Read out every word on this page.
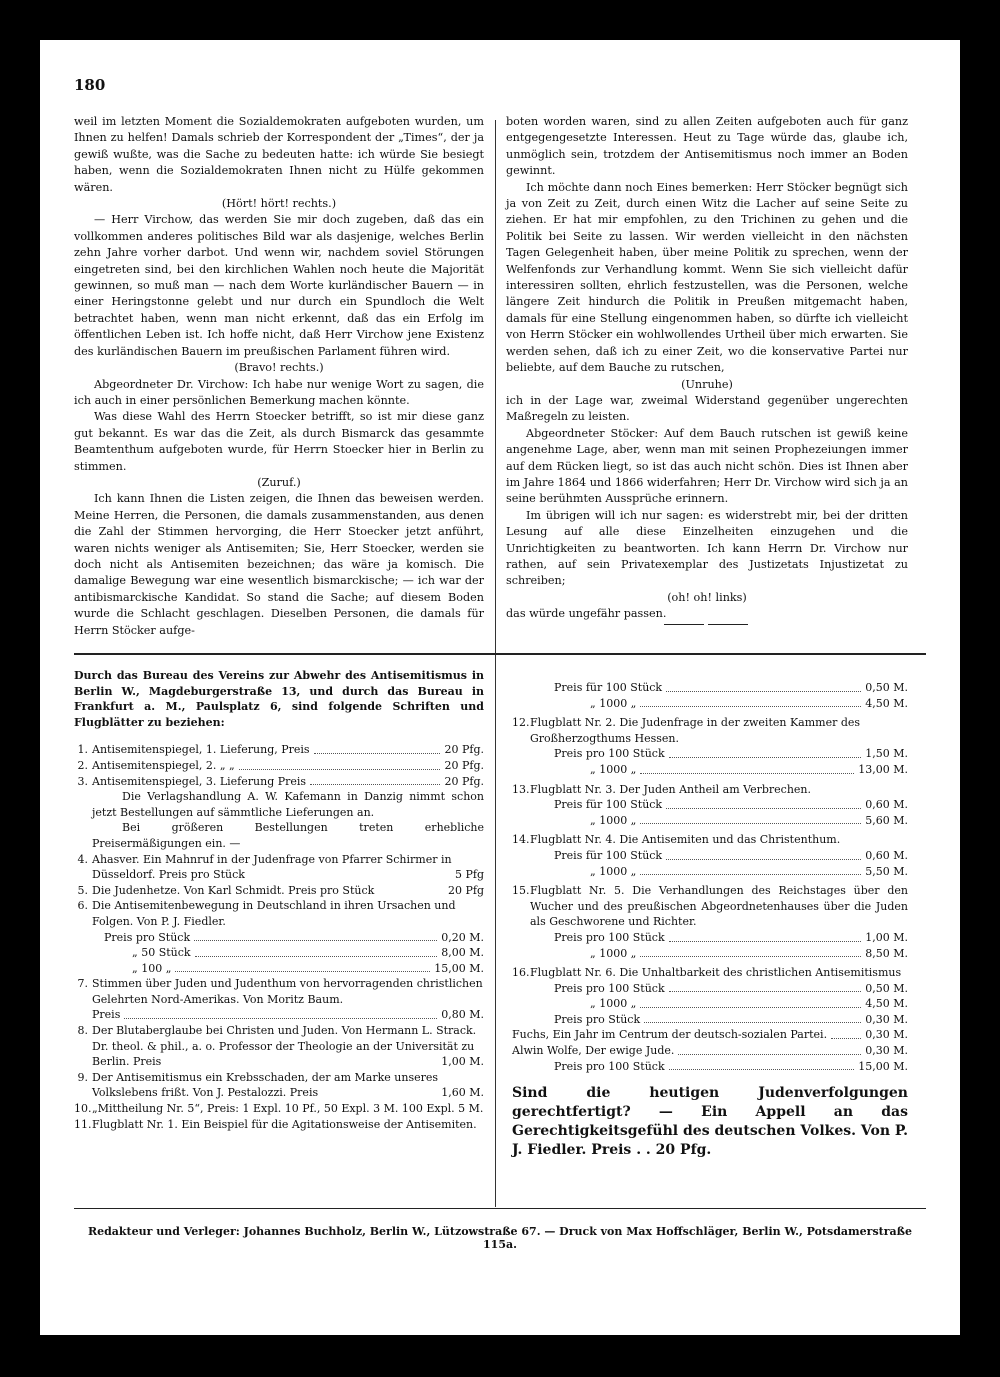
180

weil im letzten Moment die Sozialdemokraten aufgeboten wurden, um Ihnen zu helfen! Damals schrieb der Korrespondent der „Times“, der ja gewiß wußte, was die Sache zu bedeuten hatte: ich würde Sie besiegt haben, wenn die Sozialdemokraten Ihnen nicht zu Hülfe gekommen wären.

(Hört! hört! rechts.)

— Herr Virchow, das werden Sie mir doch zugeben, daß das ein vollkommen anderes politisches Bild war als dasjenige, welches Berlin zehn Jahre vorher darbot. Und wenn wir, nachdem soviel Störungen eingetreten sind, bei den kirchlichen Wahlen noch heute die Majorität gewinnen, so muß man — nach dem Worte kurländischer Bauern — in einer Heringstonne gelebt und nur durch ein Spundloch die Welt betrachtet haben, wenn man nicht erkennt, daß das ein Erfolg im öffentlichen Leben ist. Ich hoffe nicht, daß Herr Virchow jene Existenz des kurländischen Bauern im preußischen Parlament führen wird.

(Bravo! rechts.)

Abgeordneter Dr. Virchow: Ich habe nur wenige Wort zu sagen, die ich auch in einer persönlichen Bemerkung machen könnte.

Was diese Wahl des Herrn Stoecker betrifft, so ist mir diese ganz gut bekannt. Es war das die Zeit, als durch Bismarck das gesammte Beamtenthum aufgeboten wurde, für Herrn Stoecker hier in Berlin zu stimmen.

(Zuruf.)

Ich kann Ihnen die Listen zeigen, die Ihnen das beweisen werden. Meine Herren, die Personen, die damals zusammenstanden, aus denen die Zahl der Stimmen hervorging, die Herr Stoecker jetzt anführt, waren nichts weniger als Antisemiten; Sie, Herr Stoecker, werden sie doch nicht als Antisemiten bezeichnen; das wäre ja komisch. Die damalige Bewegung war eine wesentlich bismarckische; — ich war der antibismarckische Kandidat. So stand die Sache; auf diesem Boden wurde die Schlacht geschlagen. Dieselben Personen, die damals für Herrn Stöcker aufge-

boten worden waren, sind zu allen Zeiten aufgeboten auch für ganz entgegengesetzte Interessen. Heut zu Tage würde das, glaube ich, unmöglich sein, trotzdem der Antisemitismus noch immer an Boden gewinnt.

Ich möchte dann noch Eines bemerken: Herr Stöcker begnügt sich ja von Zeit zu Zeit, durch einen Witz die Lacher auf seine Seite zu ziehen. Er hat mir empfohlen, zu den Trichinen zu gehen und die Politik bei Seite zu lassen. Wir werden vielleicht in den nächsten Tagen Gelegenheit haben, über meine Politik zu sprechen, wenn der Welfenfonds zur Verhandlung kommt. Wenn Sie sich vielleicht dafür interessiren sollten, ehrlich festzustellen, was die Personen, welche längere Zeit hindurch die Politik in Preußen mitgemacht haben, damals für eine Stellung eingenommen haben, so dürfte ich vielleicht von Herrn Stöcker ein wohlwollendes Urtheil über mich erwarten. Sie werden sehen, daß ich zu einer Zeit, wo die konservative Partei nur beliebte, auf dem Bauche zu rutschen,

(Unruhe)

ich in der Lage war, zweimal Widerstand gegenüber ungerechten Maßregeln zu leisten.

Abgeordneter Stöcker: Auf dem Bauch rutschen ist gewiß keine angenehme Lage, aber, wenn man mit seinen Prophezeiungen immer auf dem Rücken liegt, so ist das auch nicht schön. Dies ist Ihnen aber im Jahre 1864 und 1866 widerfahren; Herr Dr. Virchow wird sich ja an seine berühmten Aussprüche erinnern.

Im übrigen will ich nur sagen: es widerstrebt mir, bei der dritten Lesung auf alle diese Einzelheiten einzugehen und die Unrichtigkeiten zu beantworten. Ich kann Herrn Dr. Virchow nur rathen, auf sein Privatexemplar des Justizetats Injustizetat zu schreiben;

(oh! oh! links)

das würde ungefähr passen.

Durch das Bureau des Vereins zur Abwehr des Antisemitismus in Berlin W., Magdeburgerstraße 13, und durch das Bureau in Frankfurt a. M., Paulsplatz 6, sind folgende Schriften und Flugblätter zu beziehen:
1. Antisemitenspiegel, 1. Lieferung, Preis	20 Pfg.
2. Antisemitenspiegel, 2. „ „	20 Pfg.
3. Antisemitenspiegel, 3. Lieferung Preis	20 Pfg.
Die Verlagshandlung A. W. Kafemann in Danzig nimmt schon jetzt Bestellungen auf sämmtliche Lieferungen an.
Bei größeren Bestellungen treten erhebliche Preisermäßigungen ein. —
4. Ahasver. Ein Mahnruf in der Judenfrage von Pfarrer Schirmer in Düsseldorf. Preis pro Stück	5 Pfg
5. Die Judenhetze. Von Karl Schmidt. Preis pro Stück	20 Pfg
6. Die Antisemitenbewegung in Deutschland in ihren Ursachen und Folgen. Von P. J. Fiedler.
Preis pro Stück	0,20 M.
„ 50 Stück	8,00 M.
„ 100 „	15,00 M.
7. Stimmen über Juden und Judenthum von hervorragenden christlichen Gelehrten Nord-Amerikas. Von Moritz Baum.
Preis	0,80 M.
8. Der Blutaberglaube bei Christen und Juden. Von Hermann L. Strack. Dr. theol. & phil., a. o. Professor der Theologie an der Universität zu Berlin. Preis	1,00 M.
9. Der Antisemitismus ein Krebsschaden, der am Marke unseres Volkslebens frißt. Von J. Pestalozzi. Preis	1,60 M.
10. „Mittheilung Nr. 5“, Preis: 1 Expl. 10 Pf., 50 Expl. 3 M. 100 Expl. 5 M.
11. Flugblatt Nr. 1. Ein Beispiel für die Agitationsweise der Antisemiten.
Preis für 100 Stück	0,50 M.
„ 1000 „	4,50 M.
12. Flugblatt Nr. 2. Die Judenfrage in der zweiten Kammer des Großherzogthums Hessen.
Preis pro 100 Stück	1,50 M.
„ 1000 „	13,00 M.
13. Flugblatt Nr. 3. Der Juden Antheil am Verbrechen.
Preis für 100 Stück	0,60 M.
„ 1000 „	5,60 M.
14. Flugblatt Nr. 4. Die Antisemiten und das Christenthum.
Preis für 100 Stück	0,60 M.
„ 1000 „	5,50 M.
15. Flugblatt Nr. 5. Die Verhandlungen des Reichstages über den Wucher und des preußischen Abgeordnetenhauses über die Juden als Geschworene und Richter.
Preis pro 100 Stück	1,00 M.
„ 1000 „	8,50 M.
16. Flugblatt Nr. 6. Die Unhaltbarkeit des christlichen Antisemitismus
Preis pro 100 Stück	0,50 M.
„ 1000 „	4,50 M.
Preis pro Stück	0,30 M.
Fuchs, Ein Jahr im Centrum der deutsch-sozialen Partei.	0,30 M.
Alwin Wolfe, Der ewige Jude.	0,30 M.
Preis pro 100 Stück	15,00 M.
Sind die heutigen Judenverfolgungen gerechtfertigt? — Ein Appell an das Gerechtigkeitsgefühl des deutschen Volkes. Von P. J. Fiedler. Preis . . 20 Pfg.
Redakteur und Verleger: Johannes Buchholz, Berlin W., Lützowstraße 67. — Druck von Max Hoffschläger, Berlin W., Potsdamerstraße 115a.
